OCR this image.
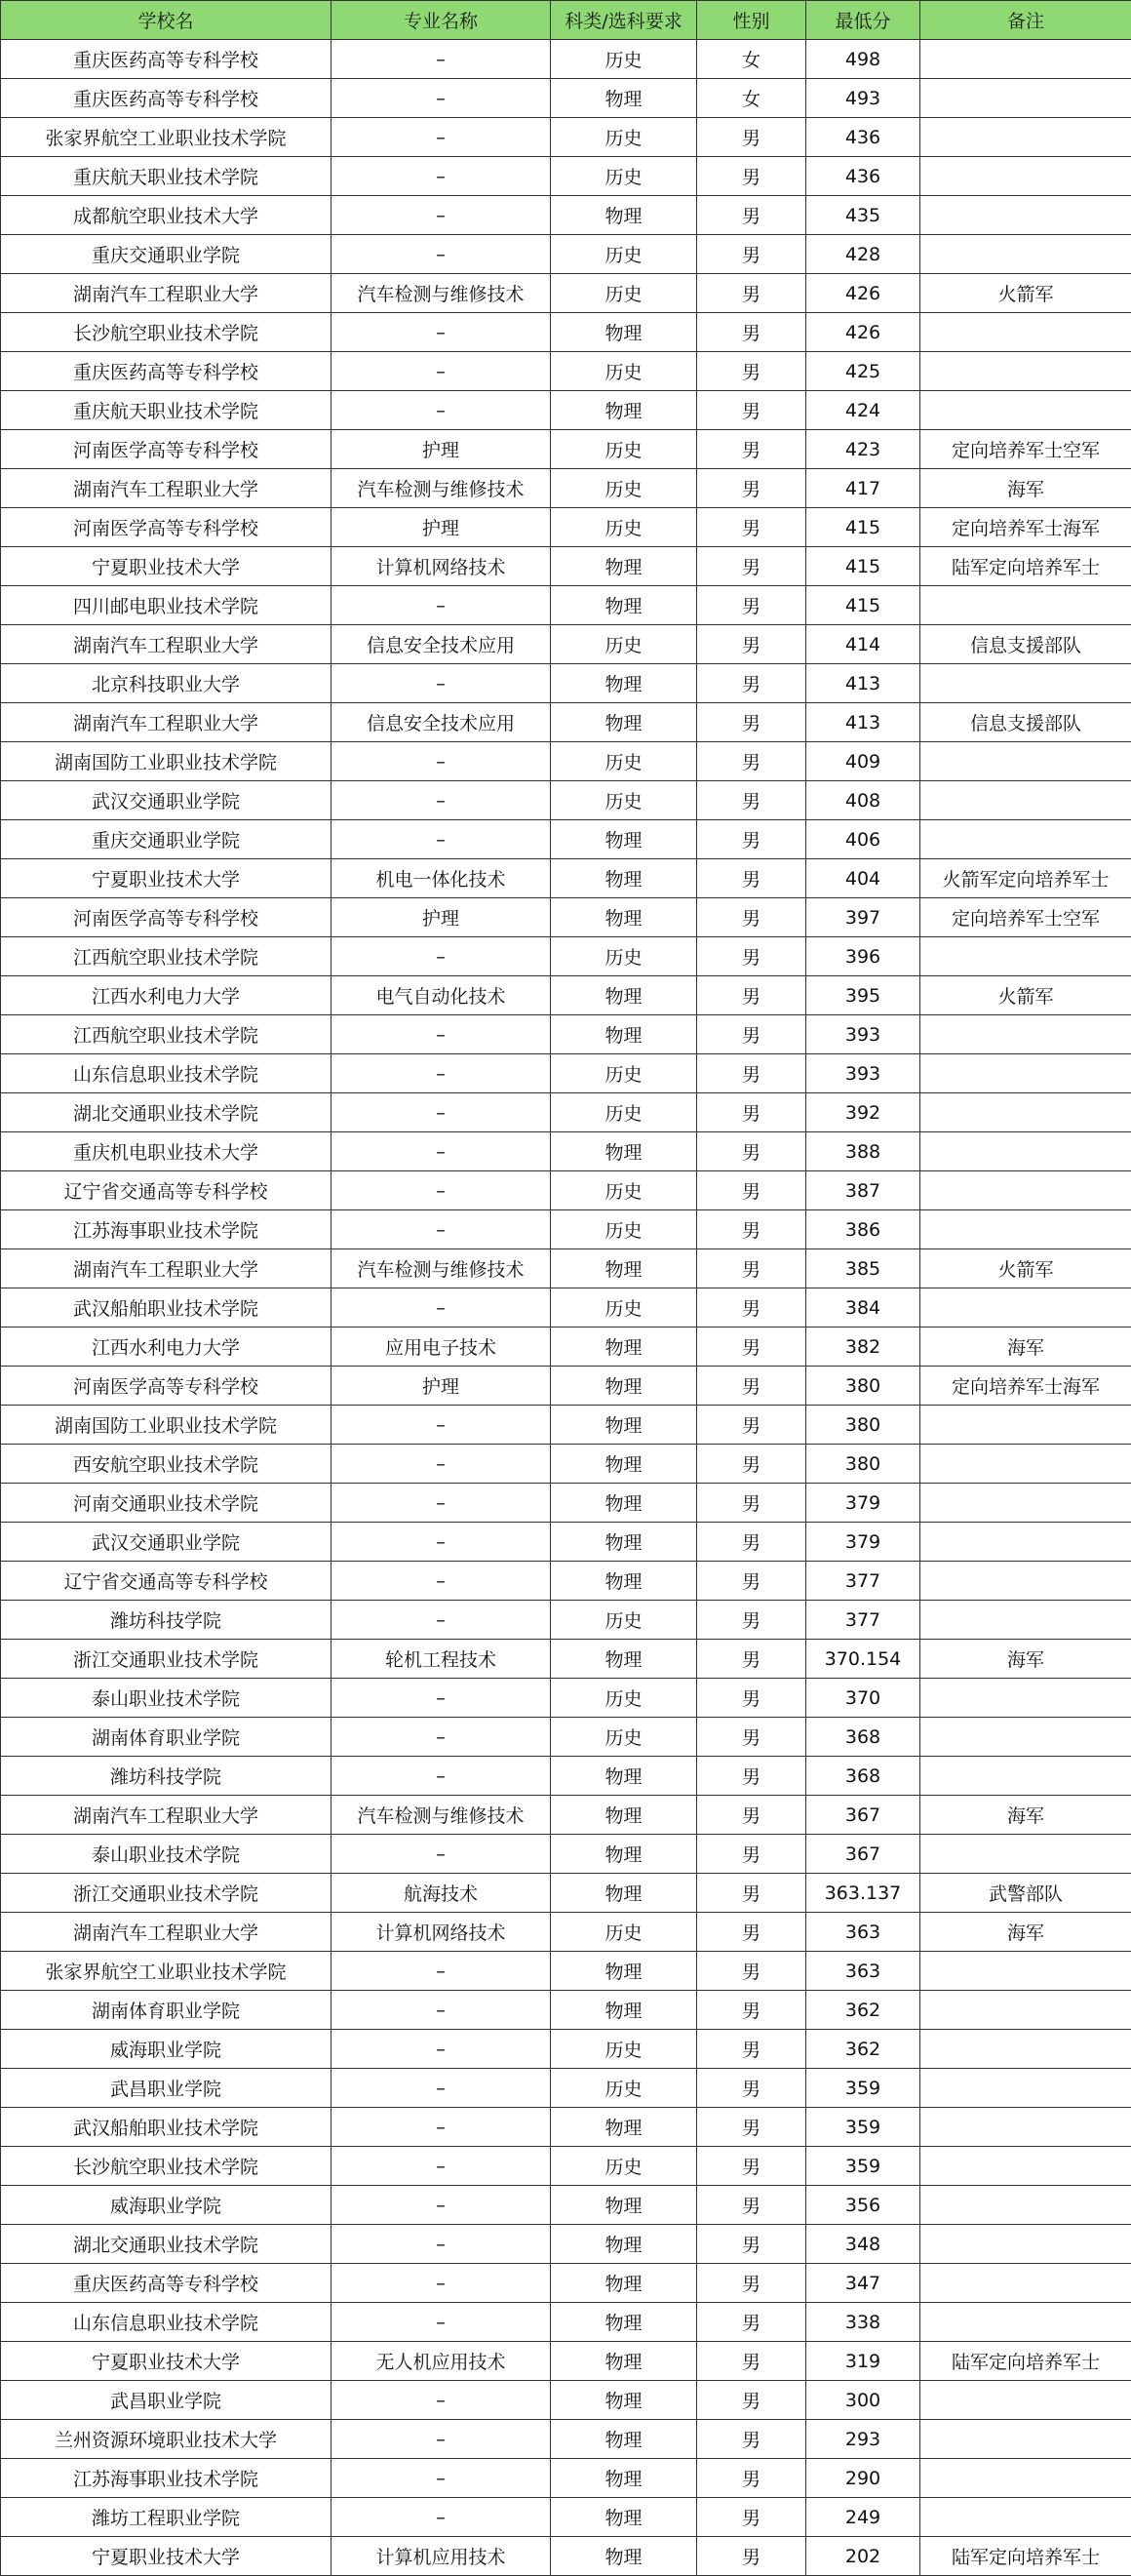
学校名	专业名称	科类/选科要求	性别	最低分	备注
重庆医药高等专科学校	–	历史	女	498	
重庆医药高等专科学校	–	物理	女	493	
张家界航空工业职业技术学院	–	历史	男	436	
重庆航天职业技术学院	–	历史	男	436	
成都航空职业技术大学	–	物理	男	435	
重庆交通职业学院	–	历史	男	428	
湖南汽车工程职业大学	汽车检测与维修技术	历史	男	426	火箭军
长沙航空职业技术学院	–	物理	男	426	
重庆医药高等专科学校	–	历史	男	425	
重庆航天职业技术学院	–	物理	男	424	
河南医学高等专科学校	护理	历史	男	423	定向培养军士空军
湖南汽车工程职业大学	汽车检测与维修技术	历史	男	417	海军
河南医学高等专科学校	护理	历史	男	415	定向培养军士海军
宁夏职业技术大学	计算机网络技术	物理	男	415	陆军定向培养军士
四川邮电职业技术学院	–	物理	男	415	
湖南汽车工程职业大学	信息安全技术应用	历史	男	414	信息支援部队
北京科技职业大学	–	物理	男	413	
湖南汽车工程职业大学	信息安全技术应用	物理	男	413	信息支援部队
湖南国防工业职业技术学院	–	历史	男	409	
武汉交通职业学院	–	历史	男	408	
重庆交通职业学院	–	物理	男	406	
宁夏职业技术大学	机电一体化技术	物理	男	404	火箭军定向培养军士
河南医学高等专科学校	护理	物理	男	397	定向培养军士空军
江西航空职业技术学院	–	历史	男	396	
江西水利电力大学	电气自动化技术	物理	男	395	火箭军
江西航空职业技术学院	–	物理	男	393	
山东信息职业技术学院	–	历史	男	393	
湖北交通职业技术学院	–	历史	男	392	
重庆机电职业技术大学	–	物理	男	388	
辽宁省交通高等专科学校	–	历史	男	387	
江苏海事职业技术学院	–	历史	男	386	
湖南汽车工程职业大学	汽车检测与维修技术	物理	男	385	火箭军
武汉船舶职业技术学院	–	历史	男	384	
江西水利电力大学	应用电子技术	物理	男	382	海军
河南医学高等专科学校	护理	物理	男	380	定向培养军士海军
湖南国防工业职业技术学院	–	物理	男	380	
西安航空职业技术学院	–	物理	男	380	
河南交通职业技术学院	–	物理	男	379	
武汉交通职业学院	–	物理	男	379	
辽宁省交通高等专科学校	–	物理	男	377	
潍坊科技学院	–	历史	男	377	
浙江交通职业技术学院	轮机工程技术	物理	男	370.154	海军
泰山职业技术学院	–	历史	男	370	
湖南体育职业学院	–	历史	男	368	
潍坊科技学院	–	物理	男	368	
湖南汽车工程职业大学	汽车检测与维修技术	物理	男	367	海军
泰山职业技术学院	–	物理	男	367	
浙江交通职业技术学院	航海技术	物理	男	363.137	武警部队
湖南汽车工程职业大学	计算机网络技术	历史	男	363	海军
张家界航空工业职业技术学院	–	物理	男	363	
湖南体育职业学院	–	物理	男	362	
威海职业学院	–	历史	男	362	
武昌职业学院	–	历史	男	359	
武汉船舶职业技术学院	–	物理	男	359	
长沙航空职业技术学院	–	历史	男	359	
威海职业学院	–	物理	男	356	
湖北交通职业技术学院	–	物理	男	348	
重庆医药高等专科学校	–	物理	男	347	
山东信息职业技术学院	–	物理	男	338	
宁夏职业技术大学	无人机应用技术	物理	男	319	陆军定向培养军士
武昌职业学院	–	物理	男	300	
兰州资源环境职业技术大学	–	物理	男	293	
江苏海事职业技术学院	–	物理	男	290	
潍坊工程职业学院	–	物理	男	249	
宁夏职业技术大学	计算机应用技术	物理	男	202	陆军定向培养军士
